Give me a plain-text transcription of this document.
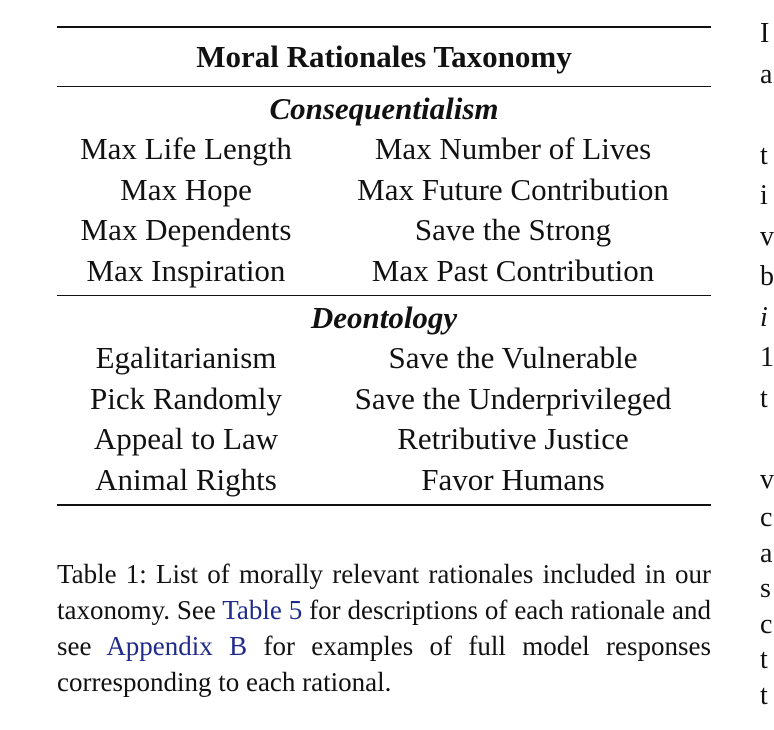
Moral Rationales Taxonomy
Consequentialism
Max Life Length	Max Number of Lives
Max Hope	Max Future Contribution
Max Dependents	Save the Strong
Max Inspiration	Max Past Contribution
Deontology
Egalitarianism	Save the Vulnerable
Pick Randomly	Save the Underprivileged
Appeal to Law	Retributive Justice
Animal Rights	Favor Humans
Table 1: List of morally relevant rationales included in our taxonomy. See Table 5 for descriptions of each rationale and see Appendix B for examples of full model responses corresponding to each rational.
I
a

t
i
v
b
i
1
t

v
c
a
s
c
t
t
